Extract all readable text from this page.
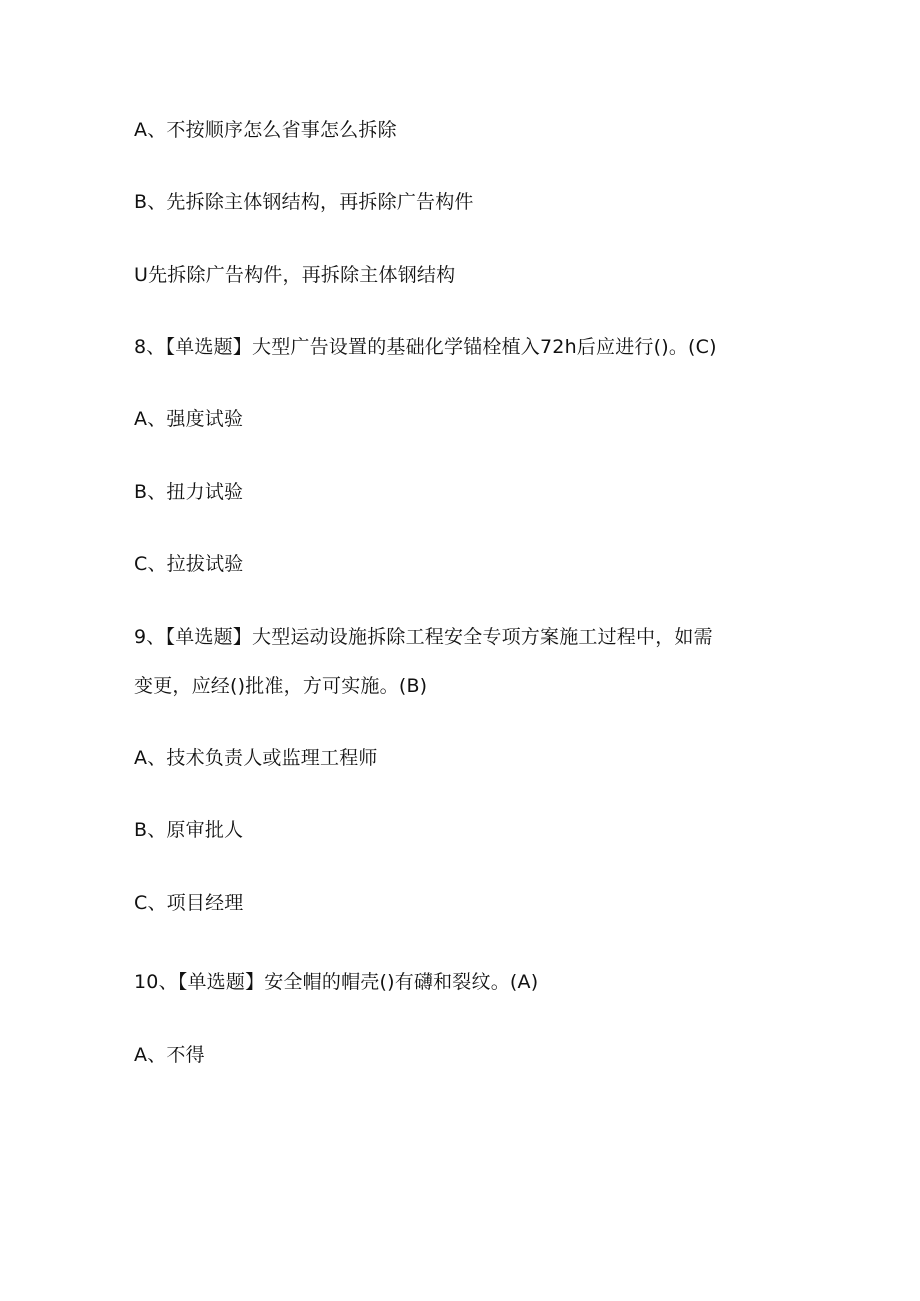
A、不按顺序怎么省事怎么拆除
B、先拆除主体钢结构，再拆除广告构件
U先拆除广告构件，再拆除主体钢结构
8、【单选题】大型广告设置的基础化学锚栓植入72h后应进行()。(C)
A、强度试验
B、扭力试验
C、拉拔试验
9、【单选题】大型运动设施拆除工程安全专项方案施工过程中，如需
变更，应经()批准，方可实施。(B)
A、技术负责人或监理工程师
B、原审批人
C、项目经理
10、【单选题】安全帽的帽壳()有礴和裂纹。(A)
A、不得
